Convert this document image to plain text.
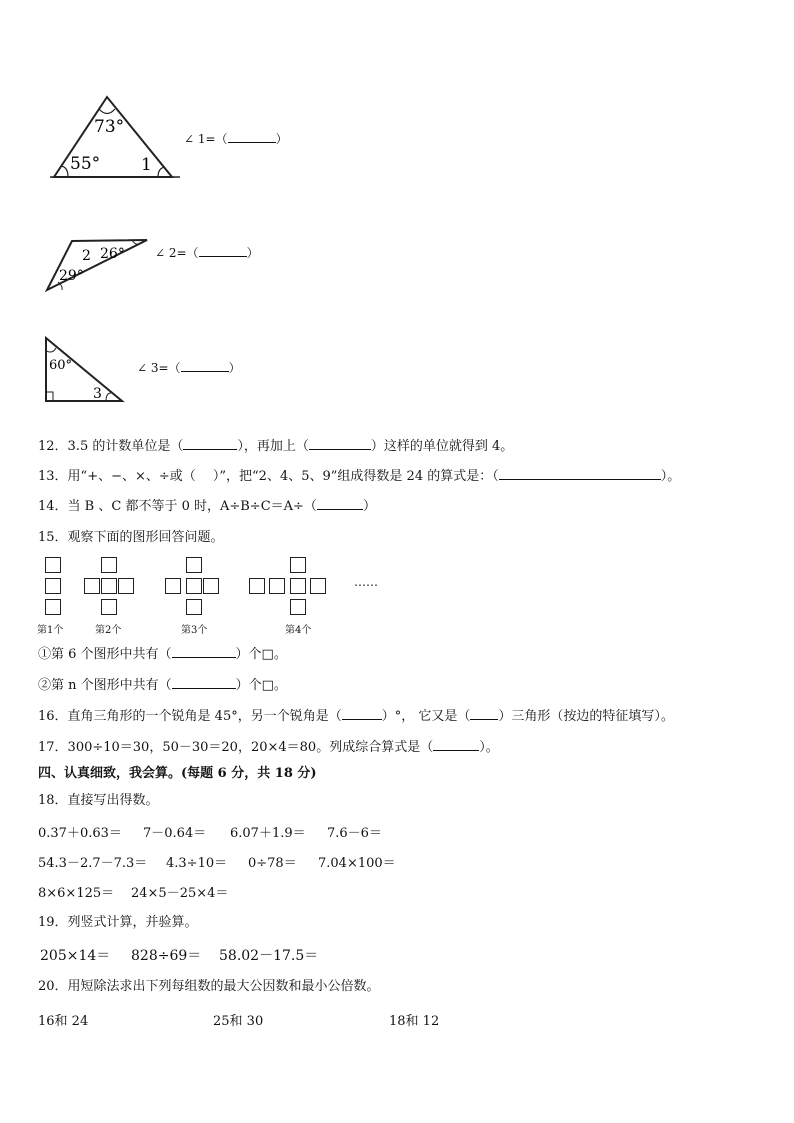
73°
55° 1
∠ 1=（	）
26°
2
29°
∠ 2=（	）
60°
3
∠ 3=（	）
12．3.5 的计数单位是（	），再加上（	）这样的单位就得到 4。
13．用“+、−、×、÷或（　 ）”，把“2、4、5、9”组成得数是 24 的算式是：（	）。
14．当 B 、C 都不等于 0 时，A÷B÷C＝A÷（	）
15．观察下面的图形回答问题。
……
第1个	第2个	第3个	第4个
①第 6 个图形中共有（	）个□。
②第 n 个图形中共有（	）个□。
16．直角三角形的一个锐角是 45°，另一个锐角是（	）°， 它又是（ ）三角形（按边的特征填写）。
17．300÷10＝30，50－30＝20，20×4＝80。列成综合算式是（	）。
四、认真细致，我会算。(每题 6 分，共 18 分)
18．直接写出得数。
0.37＋0.63＝ 7－0.64＝ 6.07＋1.9＝ 7.6－6＝
54.3－2.7－7.3＝ 4.3÷10＝ 0÷78＝ 7.04×100＝
8×6×125＝ 24×5－25×4＝
19．列竖式计算，并验算。
205×14＝ 828÷69＝ 58.02－17.5＝
20．用短除法求出下列每组数的最大公因数和最小公倍数。
16和 24	25和 30	18和 12
